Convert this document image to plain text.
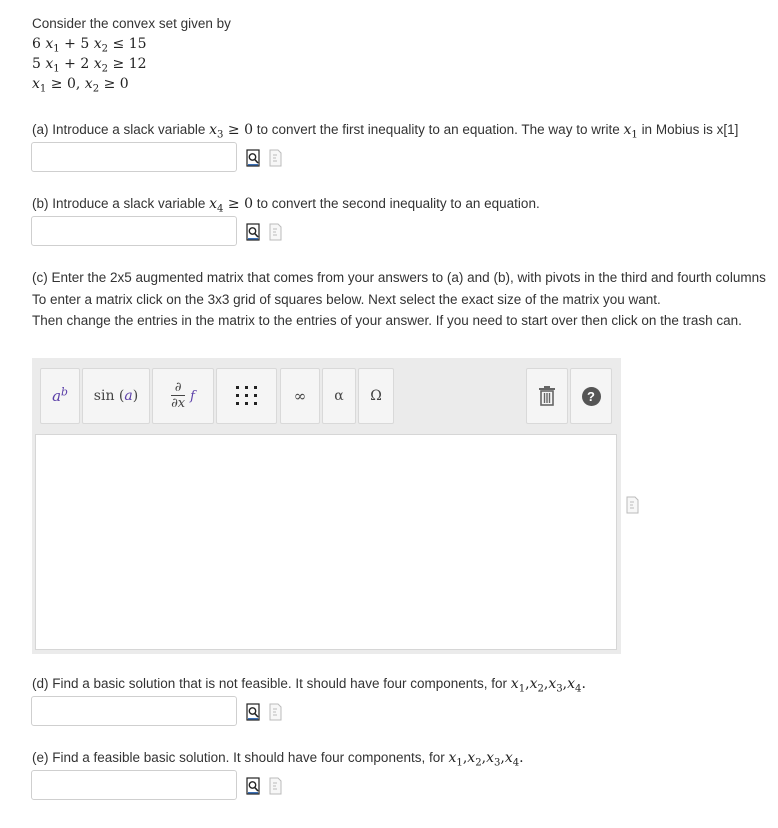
Consider the convex set given by
6 $x_1 + 5$ $x_2 \le 15$
5 $x_1 + 2$ $x_2 \ge 12$
$x_1 \ge 0$, $x_2 \ge 0$
(a) Introduce a slack variable $x_3 \ge 0$ to convert the first inequality to an equation. The way to write $x_1$ in Mobius is x[1]
(b) Introduce a slack variable $x_4 \ge 0$ to convert the second inequality to an equation.
(c) Enter the 2x5 augmented matrix that comes from your answers to (a) and (b), with pivots in the third and fourth columns
To enter a matrix click on the 3x3 grid of squares below. Next select the exact size of the matrix you want.
Then change the entries in the matrix to the entries of your answer. If you need to start over then click on the trash can.
$a^b$ sin ( a )
∂
∂x f	∞ α Ω	?
(d) Find a basic solution that is not feasible. It should have four components, for $x_1,x_2,x_3,x_4$.
(e) Find a feasible basic solution. It should have four components, for $x_1,x_2,x_3,x_4$.
